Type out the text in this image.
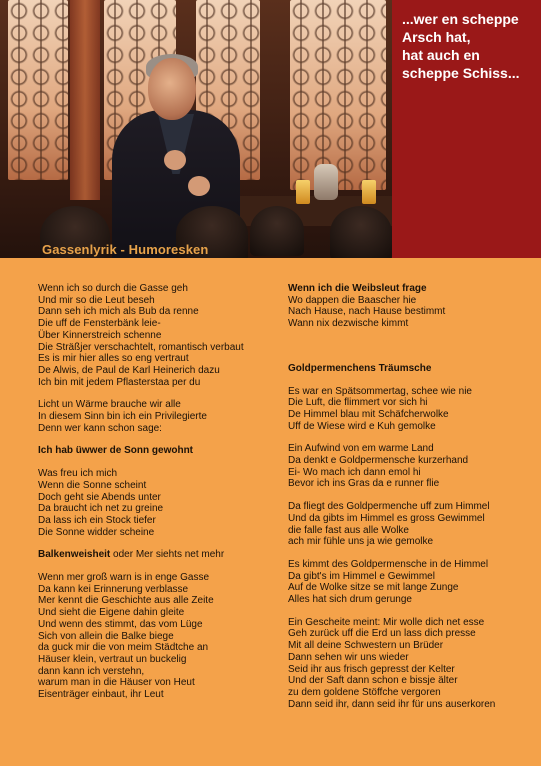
Gassenlyrik - Humoresken

...wer en scheppe
Arsch hat,
hat auch en
scheppe Schiss...

Wenn ich so durch die Gasse geh
Und mir so die Leut beseh
Dann seh ich mich als Bub da renne
Die uff de Fensterbänk leie-
Über Kinnerstreich schenne
Die Sträßjer verschachtelt, romantisch verbaut
Es is mir hier alles so eng vertraut
De Alwis, de Paul de Karl Heinerich dazu
Ich bin mit jedem Pflasterstaa per du
Licht un Wärme brauche wir alle
In diesem Sinn bin ich ein Privilegierte
Denn wer kann schon sage:
Ich hab üwwer de Sonn gewohnt
Was freu ich mich
Wenn die Sonne scheint
Doch geht sie Abends unter
Da braucht ich net zu greine
Da lass ich ein Stock tiefer
Die Sonne widder scheine
Balkenweisheit oder Mer siehts net mehr
Wenn mer groß warn is in enge Gasse
Da kann kei Erinnerung verblasse
Mer kennt die Geschichte aus alle Zeite
Und sieht die Eigene dahin gleite
Und wenn des stimmt, das vom Lüge
Sich von allein die Balke biege
da guck mir die von meim Städtche an
Häuser klein, vertraut un buckelig
dann kann ich verstehn,
warum man in die Häuser von Heut
Eisenträger einbaut, ihr Leut
Wenn ich die Weibsleut frage
Wo dappen die Baascher hie
Nach Hause, nach Hause bestimmt
Wann nix dezwische kimmt
Goldpermenchens Träumsche
Es war en Spätsommertag, schee wie nie
Die Luft, die flimmert vor sich hi
De Himmel blau mit Schäfcherwolke
Uff de Wiese wird e Kuh gemolke
Ein Aufwind von em warme Land
Da denkt e Goldpermensche kurzerhand
Ei- Wo mach ich dann emol hi
Bevor ich ins Gras da e runner flie
Da fliegt des Goldpermenche uff zum Himmel
Und da gibts im Himmel es gross Gewimmel
die falle fast aus alle Wolke
ach mir fühle uns ja wie gemolke
Es kimmt des Goldpermensche in de Himmel
Da gibt's im Himmel e Gewimmel
Auf de Wolke sitze se mit lange Zunge
Alles hat sich drum gerunge
Ein Gescheite meint: Mir wolle dich net esse
Geh zurück uff die Erd un lass dich presse
Mit all deine Schwestern un Brüder
Dann sehen wir uns wieder
Seid ihr aus frisch gepresst der Kelter
Und der Saft dann schon e bissje älter
zu dem goldene Stöffche vergoren
Dann seid ihr, dann seid ihr für uns auserkoren
